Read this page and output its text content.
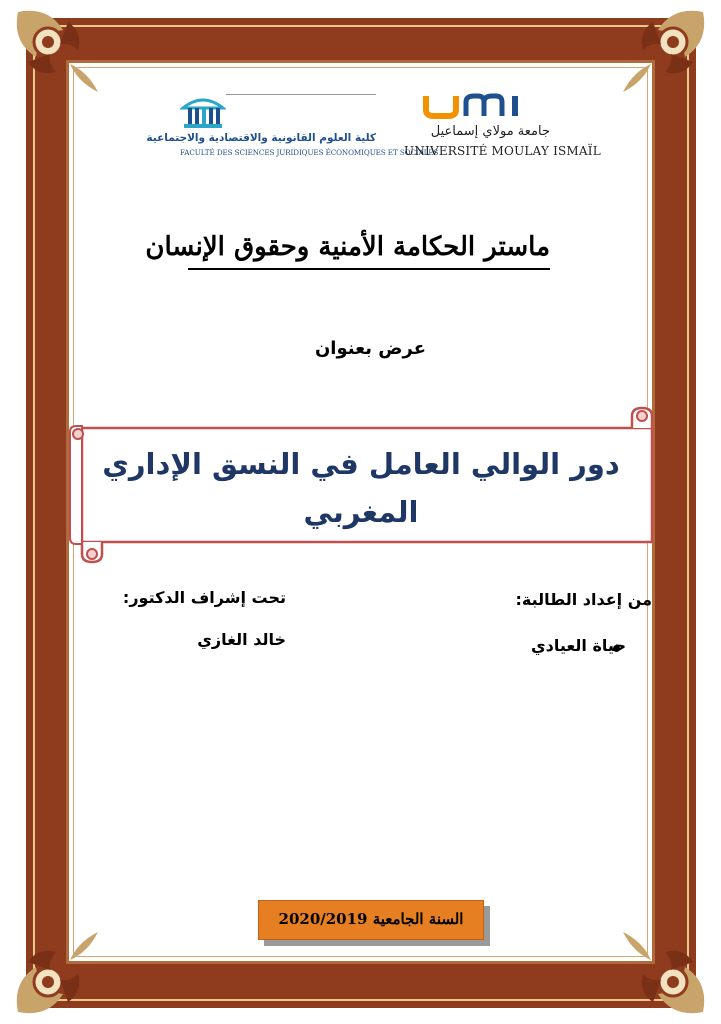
كلية العلوم القانونية والاقتصادية والاجتماعية
FACULTÉ DES SCIENCES JURIDIQUES ÉCONOMIQUES ET SOCIALES
جامعة مولاي إسماعيل
UNIVERSITÉ MOULAY ISMAÏL
ماستر الحكامة الأمنية وحقوق الإنسان
عرض بعنوان
دور الوالي العامل في النسق الإداري المغربي
من إعداد الطالبة:
حياة العيادي
تحت إشراف الدكتور:
خالد الغازي
السنة الجامعية 2020/2019
